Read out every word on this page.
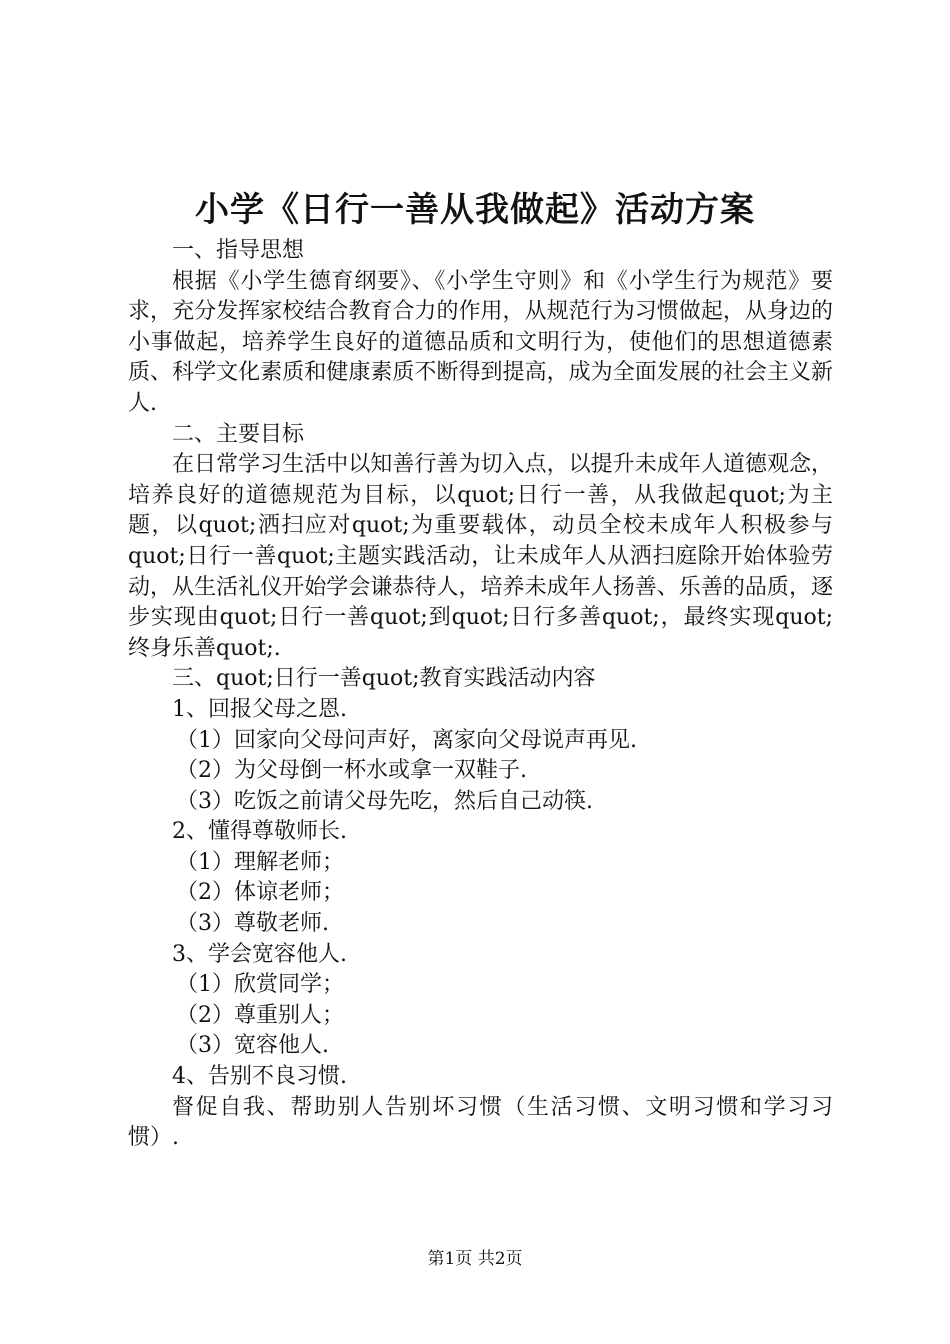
小学《日行一善从我做起》活动方案

一、指导思想

根据《小学生德育纲要》、《小学生守则》和《小学生行为规范》要求，充分发挥家校结合教育合力的作用，从规范行为习惯做起，从身边的小事做起，培养学生良好的道德品质和文明行为，使他们的思想道德素质、科学文化素质和健康素质不断得到提高，成为全面发展的社会主义新人.

二、主要目标

在日常学习生活中以知善行善为切入点，以提升未成年人道德观念，培养良好的道德规范为目标，以quot;日行一善，从我做起quot;为主题，以quot;洒扫应对quot;为重要载体，动员全校未成年人积极参与quot;日行一善quot;主题实践活动，让未成年人从洒扫庭除开始体验劳动，从生活礼仪开始学会谦恭待人，培养未成年人扬善、乐善的品质，逐步实现由quot;日行一善quot;到quot;日行多善quot;，最终实现quot;终身乐善quot;.

三、quot;日行一善quot;教育实践活动内容

1、回报父母之恩.

（1）回家向父母问声好，离家向父母说声再见.

（2）为父母倒一杯水或拿一双鞋子.

（3）吃饭之前请父母先吃，然后自己动筷.

2、懂得尊敬师长.

（1）理解老师；

（2）体谅老师；

（3）尊敬老师.

3、学会宽容他人.

（1）欣赏同学；

（2）尊重别人；

（3）宽容他人.

4、告别不良习惯.

督促自我、帮助别人告别坏习惯（生活习惯、文明习惯和学习习惯）.

第1页 共2页
